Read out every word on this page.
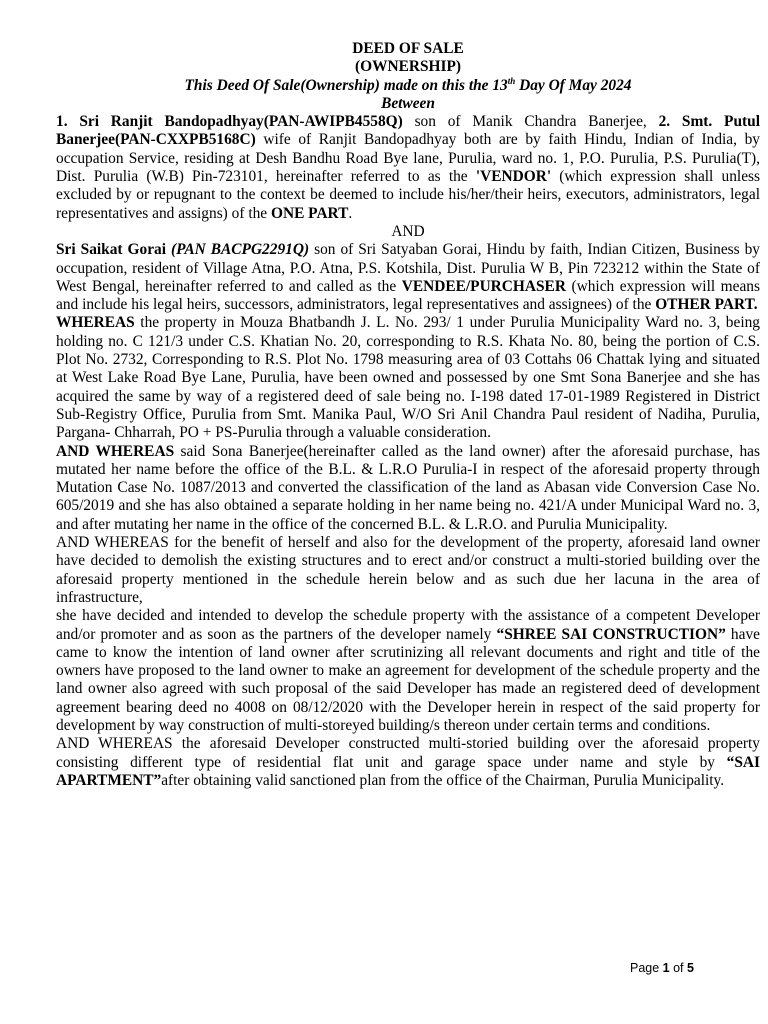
DEED OF SALE

(OWNERSHIP)

This Deed Of Sale(Ownership) made on this the 13th Day Of May 2024

Between

1. Sri Ranjit Bandopadhyay(PAN-AWIPB4558Q) son of Manik Chandra Banerjee, 2. Smt. Putul Banerjee(PAN-CXXPB5168C) wife of Ranjit Bandopadhyay both are by faith Hindu, Indian of India, by occupation Service, residing at Desh Bandhu Road Bye lane, Purulia, ward no. 1, P.O. Purulia, P.S. Purulia(T), Dist. Purulia (W.B) Pin-723101, hereinafter referred to as the 'VENDOR' (which expression shall unless excluded by or repugnant to the context be deemed to include his/her/their heirs, executors, administrators, legal representatives and assigns) of the ONE PART.

AND

Sri Saikat Gorai (PAN BACPG2291Q) son of Sri Satyaban Gorai, Hindu by faith, Indian Citizen, Business by occupation, resident of Village Atna, P.O. Atna, P.S. Kotshila, Dist. Purulia W B, Pin 723212 within the State of West Bengal, hereinafter referred to and called as the VENDEE/PURCHASER (which expression will means and include his legal heirs, successors, administrators, legal representatives and assignees) of the OTHER PART.

WHEREAS the property in Mouza Bhatbandh J. L. No. 293/ 1 under Purulia Municipality Ward no. 3, being holding no. C 121/3 under C.S. Khatian No. 20, corresponding to R.S. Khata No. 80, being the portion of C.S. Plot No. 2732, Corresponding to R.S. Plot No. 1798 measuring area of 03 Cottahs 06 Chattak lying and situated at West Lake Road Bye Lane, Purulia, have been owned and possessed by one Smt Sona Banerjee and she has acquired the same by way of a registered deed of sale being no. I-198 dated 17-01-1989 Registered in District Sub-Registry Office, Purulia from Smt. Manika Paul, W/O Sri Anil Chandra Paul resident of Nadiha, Purulia, Pargana- Chharrah, PO + PS-Purulia through a valuable consideration.

AND WHEREAS said Sona Banerjee(hereinafter called as the land owner) after the aforesaid purchase, has mutated her name before the office of the B.L. & L.R.O Purulia-I in respect of the aforesaid property through Mutation Case No. 1087/2013 and converted the classification of the land as Abasan vide Conversion Case No. 605/2019 and she has also obtained a separate holding in her name being no. 421/A under Municipal Ward no. 3, and after mutating her name in the office of the concerned B.L. & L.R.O. and Purulia Municipality.

AND WHEREAS for the benefit of herself and also for the development of the property, aforesaid land owner have decided to demolish the existing structures and to erect and/or construct a multi-storied building over the aforesaid property mentioned in the schedule herein below and as such due her lacuna in the area of infrastructure,

she have decided and intended to develop the schedule property with the assistance of a competent Developer and/or promoter and as soon as the partners of the developer namely “SHREE SAI CONSTRUCTION” have came to know the intention of land owner after scrutinizing all relevant documents and right and title of the owners have proposed to the land owner to make an agreement for development of the schedule property and the land owner also agreed with such proposal of the said Developer has made an registered deed of development agreement bearing deed no 4008 on 08/12/2020 with the Developer herein in respect of the said property for development by way construction of multi-storeyed building/s thereon under certain terms and conditions.

AND WHEREAS the aforesaid Developer constructed multi-storied building over the aforesaid property consisting different type of residential flat unit and garage space under name and style by “SAI APARTMENT”after obtaining valid sanctioned plan from the office of the Chairman, Purulia Municipality.

Page 1 of 5
